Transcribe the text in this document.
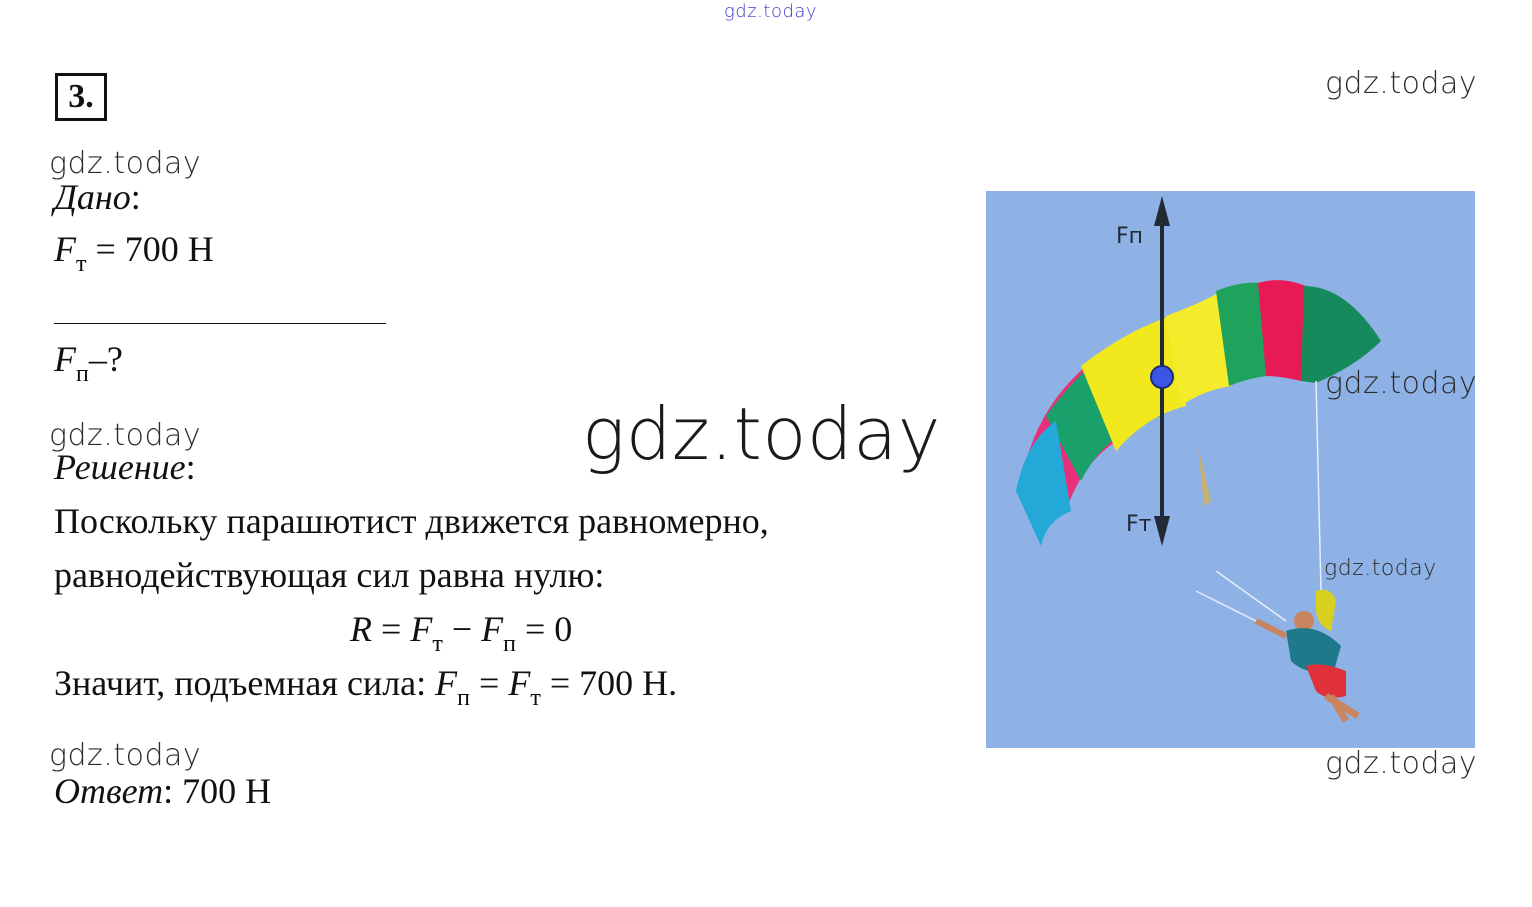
gdz.today
gdz.today
gdz.today
gdz.today
gdz.today
3.
Дано:
$F_т = 700$ Н
$F_п-$?
Решение:
Поскольку парашютист движется равномерно,
равнодействующая сил равна нулю:
$R = F_т - F_п = 0$
Значит, подъемная сила: $F_п = F_т = 700$ Н.
Ответ: 700 Н
gdz.today
Fп
Fт
gdz.today
gdz.today
gdz.today
